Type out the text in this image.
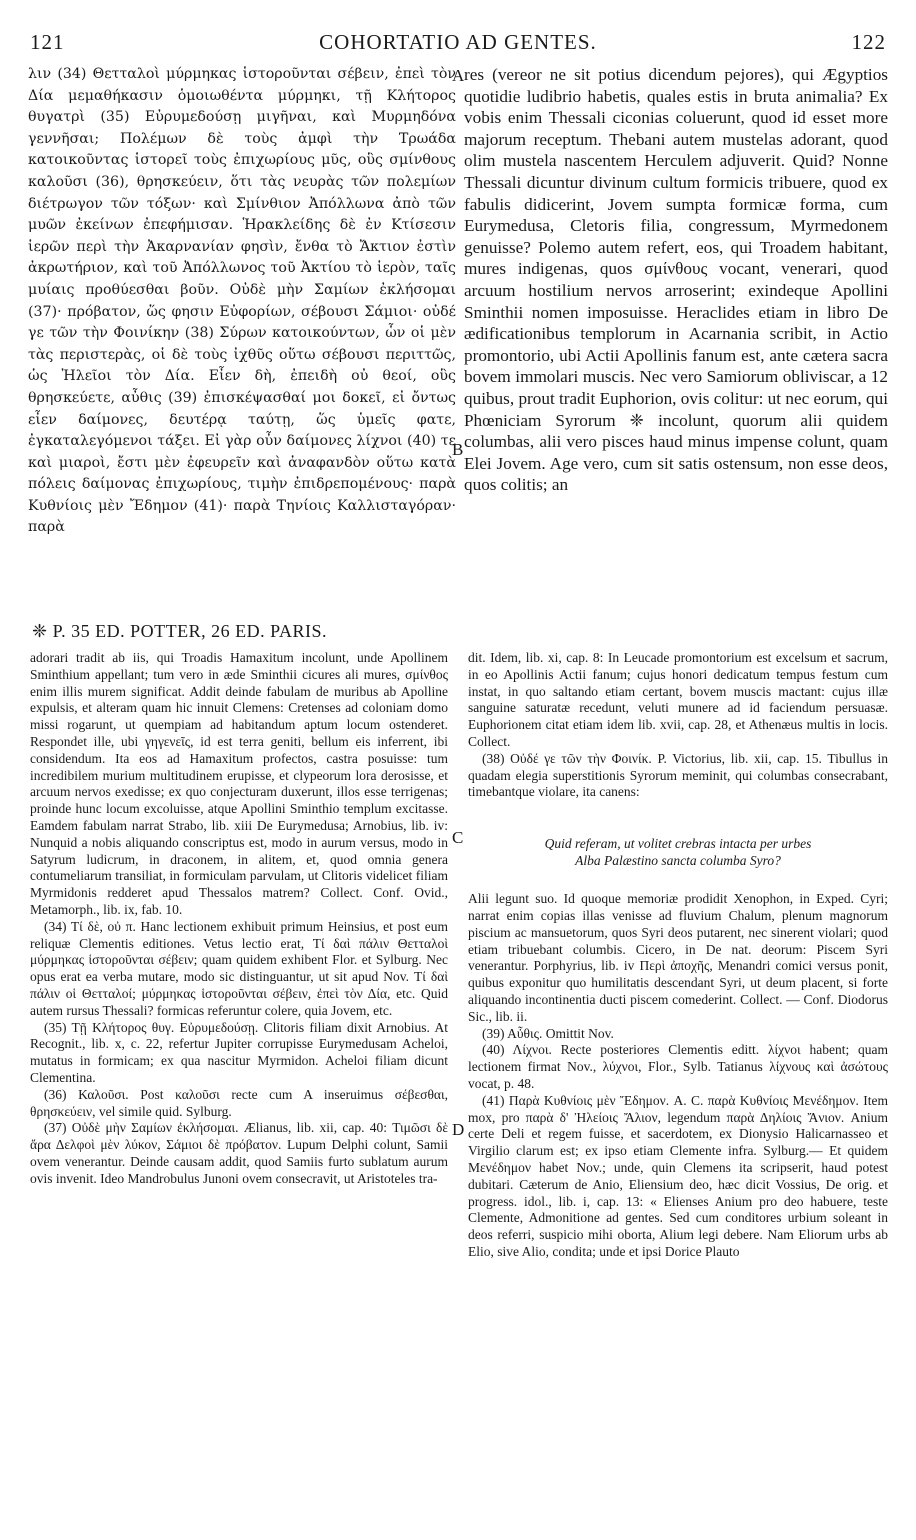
121	COHORTATIO AD GENTES.	122

λιν (34) Θετταλοὶ μύρμηκας ἱστοροῦνται σέβειν, ἐπεὶ τὸν Δία μεμαθήκασιν ὁμοιωθέντα μύρμηκι, τῇ Κλήτορος θυγατρὶ (35) Εὐρυμεδούσῃ μιγῆναι, καὶ Μυρμηδόνα γεννῆσαι; Πολέμων δὲ τοὺς ἀμφὶ τὴν Τρωάδα κατοικοῦντας ἱστορεῖ τοὺς ἐπιχωρίους μῦς, οὓς σμίνθους καλοῦσι (36), θρησκεύειν, ὅτι τὰς νευρὰς τῶν πολεμίων διέτρωγον τῶν τόξων· καὶ Σμίνθιον Ἀπόλλωνα ἀπὸ τῶν μυῶν ἐκείνων ἐπεφήμισαν. Ἡρακλείδης δὲ ἐν Κτίσεσιν ἱερῶν περὶ τὴν Ἀκαρνανίαν φησὶν, ἔνθα τὸ Ἄκτιον ἐστὶν ἀκρωτήριον, καὶ τοῦ Ἀπόλλωνος τοῦ Ἀκτίου τὸ ἱερὸν, ταῖς μυίαις προθύεσθαι βοῦν. Οὐδὲ μὴν Σαμίων ἐκλήσομαι (37)· πρόβατον, ὥς φησιν Εὐφορίων, σέβουσι Σάμιοι· οὐδέ γε τῶν τὴν Φοινίκην (38) Σύρων κατοικούντων, ὧν οἱ μὲν τὰς περιστερὰς, οἱ δὲ τοὺς ἰχθῦς οὕτω σέβουσι περιττῶς, ὡς Ἠλεῖοι τὸν Δία. Εἶεν δὴ, ἐπειδὴ οὐ θεοί, οὓς θρησκεύετε, αὖθις (39) ἐπισκέψασθαί μοι δοκεῖ, εἰ ὄντως εἶεν δαίμονες, δευτέρᾳ ταύτῃ, ὥς ὑμεῖς φατε, ἐγκαταλεγόμενοι τάξει. Εἰ γὰρ οὖν δαίμονες λίχνοι (40) τε καὶ μιαροὶ, ἔστι μὲν ἐφευρεῖν καὶ ἀναφανδὸν οὕτω κατὰ πόλεις δαίμονας ἐπιχωρίους, τιμὴν ἐπιδρεπομένους· παρὰ Κυθνίοις μὲν Ἔδημον (41)· παρὰ Τηνίοις Καλλισταγόραν· παρὰ

res (vereor ne sit potius dicendum pejores), qui Ægyptios quotidie ludibrio habetis, quales estis in bruta animalia? Ex vobis enim Thessali ciconias coluerunt, quod id esset more majorum receptum. Thebani autem mustelas adorant, quod olim mustela nascentem Herculem adjuverit. Quid? Nonne Thessali dicuntur divinum cultum formicis tribuere, quod ex fabulis didicerint, Jovem sumpta formicæ forma, cum Eurymedusa, Cletoris filia, congressum, Myrmedonem genuisse? Polemo autem refert, eos, qui Troadem habitant, mures indigenas, quos σμίνθους vocant, venerari, quod arcuum hostilium nervos arroserint; exindeque Apollini Sminthii nomen imposuisse. Heraclides etiam in libro De ædificationibus templorum in Acarnania scribit, in Actio promontorio, ubi Actii Apollinis fanum est, ante cætera sacra bovem immolari muscis. Nec vero Samiorum obliviscar, a 12 quibus, prout tradit Euphorion, ovis colitur: ut nec eorum, qui Phœniciam Syrorum ❈ incolunt, quorum alii quidem columbas, alii vero pisces haud minus impense colunt, quam Elei Jovem. Age vero, cum sit satis ostensum, non esse deos, quos colitis; an

A
B
C
D
❈ P. 35 ED. POTTER, 26 ED. PARIS.

adorari tradit ab iis, qui Troadis Hamaxitum incolunt, unde Apollinem Sminthium appellant; tum vero in æde Sminthii cicures ali mures, σμίνθος enim illis murem significat. Addit deinde fabulam de muribus ab Apolline expulsis, et alteram quam hic innuit Clemens: Cretenses ad coloniam domo missi rogarunt, ut quempiam ad habitandum aptum locum ostenderet. Respondet ille, ubi γηγενεῖς, id est terra geniti, bellum eis inferrent, ibi considendum. Ita eos ad Hamaxitum profectos, castra posuisse: tum incredibilem murium multitudinem erupisse, et clypeorum lora derosisse, et arcuum nervos exedisse; ex quo conjecturam duxerunt, illos esse terrigenas; proinde hunc locum excoluisse, atque Apollini Sminthio templum excitasse. Eamdem fabulam narrat Strabo, lib. xiii De Eurymedusa; Arnobius, lib. iv: Nunquid a nobis aliquando conscriptus est, modo in aurum versus, modo in Satyrum ludicrum, in draconem, in alitem, et, quod omnia genera contumeliarum transiliat, in formiculam parvulam, ut Clitoris videlicet filiam Myrmidonis redderet apud Thessalos matrem? Collect. Conf. Ovid., Metamorph., lib. ix, fab. 10.

(34) Τί δὲ, οὐ π. Hanc lectionem exhibuit primum Heinsius, et post eum reliquæ Clementis editiones. Vetus lectio erat, Τί δαὶ πάλιν Θετταλοὶ μύρμηκας ἱστοροῦνται σέβειν; quam quidem exhibent Flor. et Sylburg. Nec opus erat ea verba mutare, modo sic distinguantur, ut sit apud Nov. Τί δαὶ πάλιν οἱ Θετταλοί; μύρμηκας ἱστοροῦνται σέβειν, ἐπεὶ τὸν Δία, etc. Quid autem rursus Thessali? formicas referuntur colere, quia Jovem, etc.

(35) Τῇ Κλήτορος θυγ. Εὐρυμεδούσῃ. Clitoris filiam dixit Arnobius. At Recognit., lib. x, c. 22, refertur Jupiter corrupisse Eurymedusam Acheloi, mutatus in formicam; ex qua nascitur Myrmidon. Acheloi filiam dicunt Clementina.

(36) Καλοῦσι. Post καλοῦσι recte cum A inseruimus σέβεσθαι, θρησκεύειν, vel simile quid. Sylburg.

(37) Οὐδὲ μὴν Σαμίων ἐκλήσομαι. Ælianus, lib. xii, cap. 40: Τιμῶσι δὲ ἄρα Δελφοὶ μὲν λύκον, Σάμιοι δὲ πρόβατον. Lupum Delphi colunt, Samii ovem venerantur. Deinde causam addit, quod Samiis furto sublatum aurum ovis invenit. Ideo Mandrobulus Junoni ovem consecravit, ut Aristoteles tra-

dit. Idem, lib. xi, cap. 8: In Leucade promontorium est excelsum et sacrum, in eo Apollinis Actii fanum; cujus honori dedicatum tempus festum cum instat, in quo saltando etiam certant, bovem muscis mactant: cujus illæ sanguine saturatæ recedunt, veluti munere ad id faciendum persuasæ. Euphorionem citat etiam idem lib. xvii, cap. 28, et Athenæus multis in locis. Collect.

(38) Οὐδέ γε τῶν τὴν Φοινίκ. P. Victorius, lib. xii, cap. 15. Tibullus in quadam elegia superstitionis Syrorum meminit, qui columbas consecrabant, timebantque violare, ita canens:

Quid referam, ut volitet crebras intacta per urbes
Alba Palæstino sancta columba Syro?

Alii legunt suo. Id quoque memoriæ prodidit Xenophon, in Exped. Cyri; narrat enim copias illas venisse ad fluvium Chalum, plenum magnorum piscium ac mansuetorum, quos Syri deos putarent, nec sinerent violari; quod etiam tribuebant columbis. Cicero, in De nat. deorum: Piscem Syri venerantur. Porphyrius, lib. iv Περὶ ἀποχῆς, Menandri comici versus ponit, quibus exponitur quo humilitatis descendant Syri, ut deum placent, si forte aliquando incontinentia ducti piscem comederint. Collect. — Conf. Diodorus Sic., lib. ii.

(39) Αὖθις. Omittit Nov.

(40) Λίχνοι. Recte posteriores Clementis editt. λίχνοι habent; quam lectionem firmat Nov., λύχνοι, Flor., Sylb. Tatianus λίχνους καὶ ἀσώτους vocat, p. 48.

(41) Παρὰ Κυθνίοις μὲν Ἔδημον. A. C. παρὰ Κυθνίοις Μενέδημον. Item mox, pro παρὰ δ' Ἠλείοις Ἄλιον, legendum παρὰ Δηλίοις Ἄνιον. Anium certe Deli et regem fuisse, et sacerdotem, ex Dionysio Halicarnasseo et Virgilio clarum est; ex ipso etiam Clemente infra. Sylburg.— Et quidem Μενέδημον habet Nov.; unde, quin Clemens ita scripserit, haud potest dubitari. Cæterum de Anio, Eliensium deo, hæc dicit Vossius, De orig. et progress. idol., lib. i, cap. 13: « Elienses Anium pro deo habuere, teste Clemente, Admonitione ad gentes. Sed cum conditores urbium soleant in deos referri, suspicio mihi oborta, Alium legi debere. Nam Eliorum urbs ab Elio, sive Alio, condita; unde et ipsi Dorice Plauto
